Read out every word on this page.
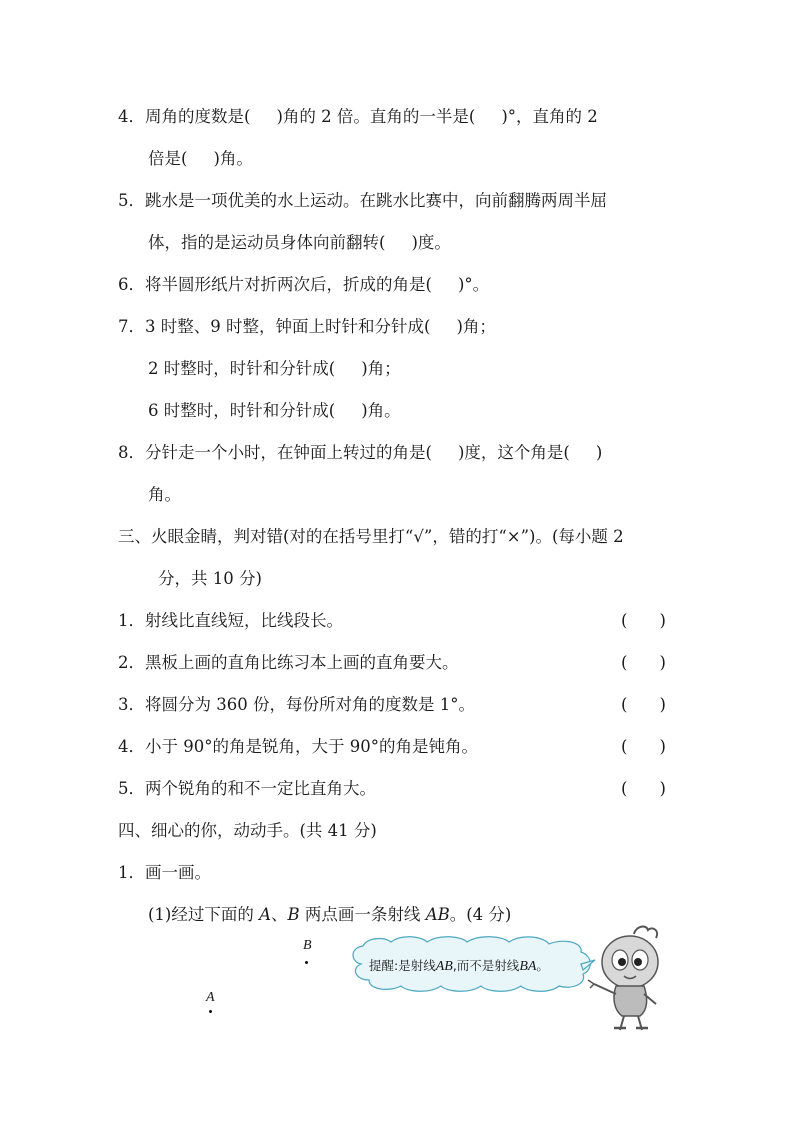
4．周角的度数是( )角的 2 倍。直角的一半是( )°，直角的 2
倍是( )角。
5．跳水是一项优美的水上运动。在跳水比赛中，向前翻腾两周半屈
体，指的是运动员身体向前翻转( )度。
6．将半圆形纸片对折两次后，折成的角是( )°。
7．3 时整、9 时整，钟面上时针和分针成( )角；
2 时整时，时针和分针成( )角；
6 时整时，时针和分针成( )角。
8．分针走一个小时，在钟面上转过的角是( )度，这个角是( )
角。
三、火眼金睛，判对错(对的在括号里打“√”，错的打“×”)。(每小题 2
分，共 10 分)
1．射线比直线短，比线段长。	( )
2．黑板上画的直角比练习本上画的直角要大。	( )
3．将圆分为 360 份，每份所对角的度数是 1°。	( )
4．小于 90°的角是锐角，大于 90°的角是钝角。	( )
5．两个锐角的和不一定比直角大。	( )
四、细心的你，动动手。(共 41 分)
1．画一画。
(1)经过下面的 A、B 两点画一条射线 AB。(4 分)
B
A
提醒:是射线AB,而不是射线BA。
